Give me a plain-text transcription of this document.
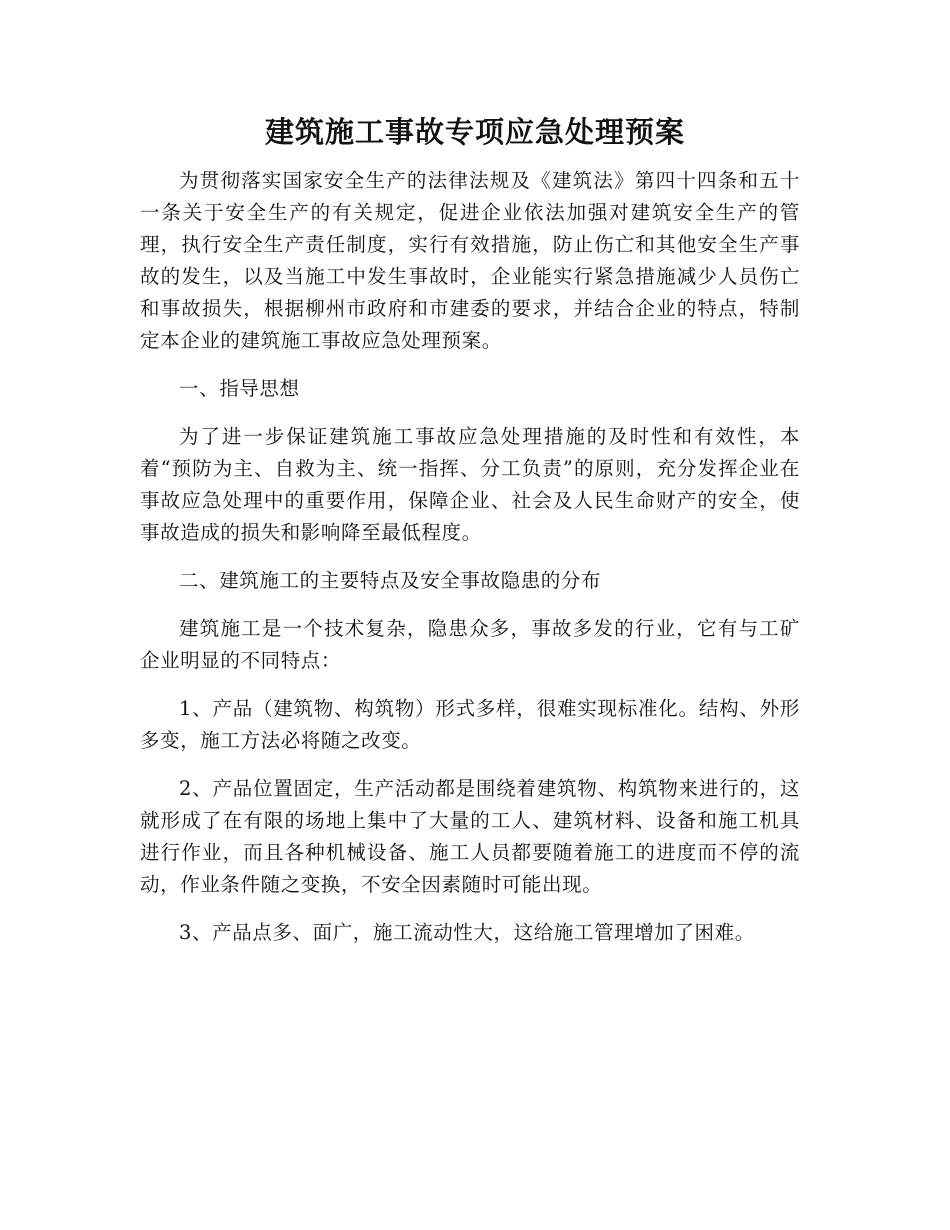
建筑施工事故专项应急处理预案

为贯彻落实国家安全生产的法律法规及《建筑法》第四十四条和五十一条关于安全生产的有关规定，促进企业依法加强对建筑安全生产的管理，执行安全生产责任制度，实行有效措施，防止伤亡和其他安全生产事故的发生，以及当施工中发生事故时，企业能实行紧急措施减少人员伤亡和事故损失，根据柳州市政府和市建委的要求，并结合企业的特点，特制定本企业的建筑施工事故应急处理预案。

一、指导思想

为了进一步保证建筑施工事故应急处理措施的及时性和有效性，本着“预防为主、自救为主、统一指挥、分工负责”的原则，充分发挥企业在事故应急处理中的重要作用，保障企业、社会及人民生命财产的安全，使事故造成的损失和影响降至最低程度。

二、建筑施工的主要特点及安全事故隐患的分布

建筑施工是一个技术复杂，隐患众多，事故多发的行业，它有与工矿企业明显的不同特点：

1、产品（建筑物、构筑物）形式多样，很难实现标准化。结构、外形多变，施工方法必将随之改变。

2、产品位置固定，生产活动都是围绕着建筑物、构筑物来进行的，这就形成了在有限的场地上集中了大量的工人、建筑材料、设备和施工机具进行作业，而且各种机械设备、施工人员都要随着施工的进度而不停的流动，作业条件随之变换，不安全因素随时可能出现。

3、产品点多、面广，施工流动性大，这给施工管理增加了困难。
